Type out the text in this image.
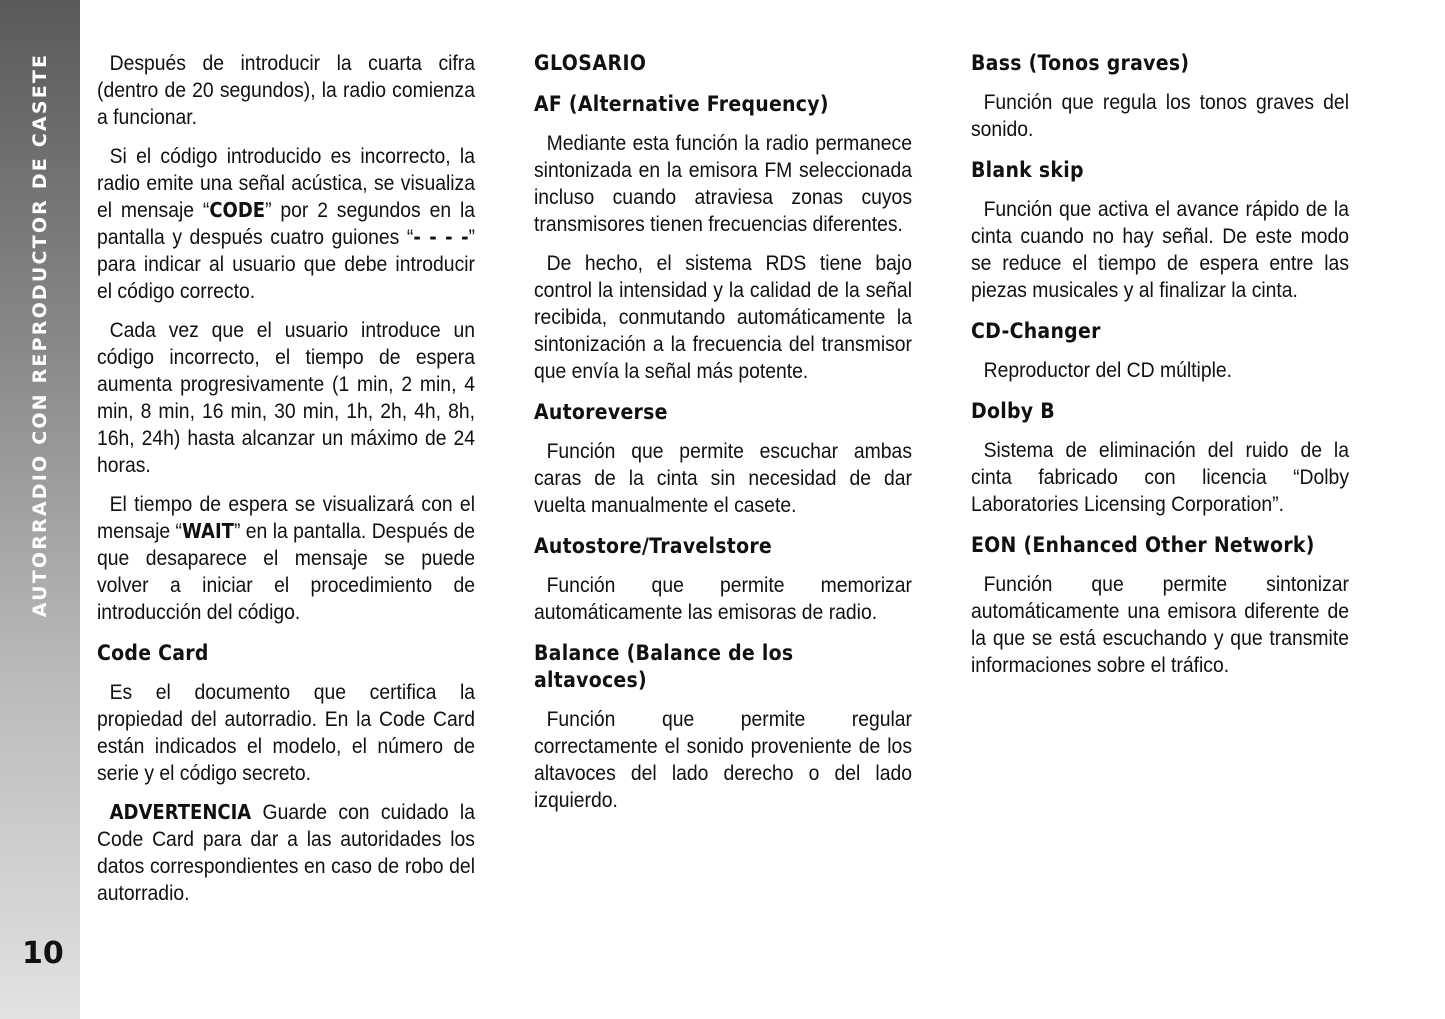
AUTORRADIO CON REPRODUCTOR DE CASETE
10

Después de introducir la cuarta cifra (dentro de 20 segundos), la radio comienza a funcionar.

Si el código introducido es incorrecto, la radio emite una señal acústica, se visualiza el mensaje “CODE” por 2 segundos en la pantalla y después cuatro guiones “- - - -” para indicar al usuario que debe introducir el código correcto.

Cada vez que el usuario introduce un código incorrecto, el tiempo de espera aumenta progresivamente (1 min, 2 min, 4 min, 8 min, 16 min, 30 min, 1h, 2h, 4h, 8h, 16h, 24h) hasta alcanzar un máximo de 24 horas.

El tiempo de espera se visualizará con el mensaje “WAIT” en la pantalla. Después de que desaparece el mensaje se puede volver a iniciar el procedimiento de introducción del código.

Code Card

Es el documento que certifica la propiedad del autorradio. En la Code Card están indicados el modelo, el número de serie y el código secreto.

ADVERTENCIA Guarde con cuidado la Code Card para dar a las autoridades los datos correspondientes en caso de robo del autorradio.

GLOSARIO
AF (Alternative Frequency)

Mediante esta función la radio permanece sintonizada en la emisora FM seleccionada incluso cuando atraviesa zonas cuyos transmisores tienen frecuencias diferentes.

De hecho, el sistema RDS tiene bajo control la intensidad y la calidad de la señal recibida, conmutando automáticamente la sintonización a la frecuencia del transmisor que envía la señal más potente.

Autoreverse

Función que permite escuchar ambas caras de la cinta sin necesidad de dar vuelta manualmente el casete.

Autostore/Travelstore

Función que permite memorizar automáticamente las emisoras de radio.

Balance (Balance de los altavoces)

Función que permite regular correctamente el sonido proveniente de los altavoces del lado derecho o del lado izquierdo.

Bass (Tonos graves)

Función que regula los tonos graves del sonido.

Blank skip

Función que activa el avance rápido de la cinta cuando no hay señal. De este modo se reduce el tiempo de espera entre las piezas musicales y al finalizar la cinta.

CD-Changer

Reproductor del CD múltiple.

Dolby B

Sistema de eliminación del ruido de la cinta fabricado con licencia “Dolby Laboratories Licensing Corporation”.

EON (Enhanced Other Network)

Función que permite sintonizar automáticamente una emisora diferente de la que se está escuchando y que transmite informaciones sobre el tráfico.
